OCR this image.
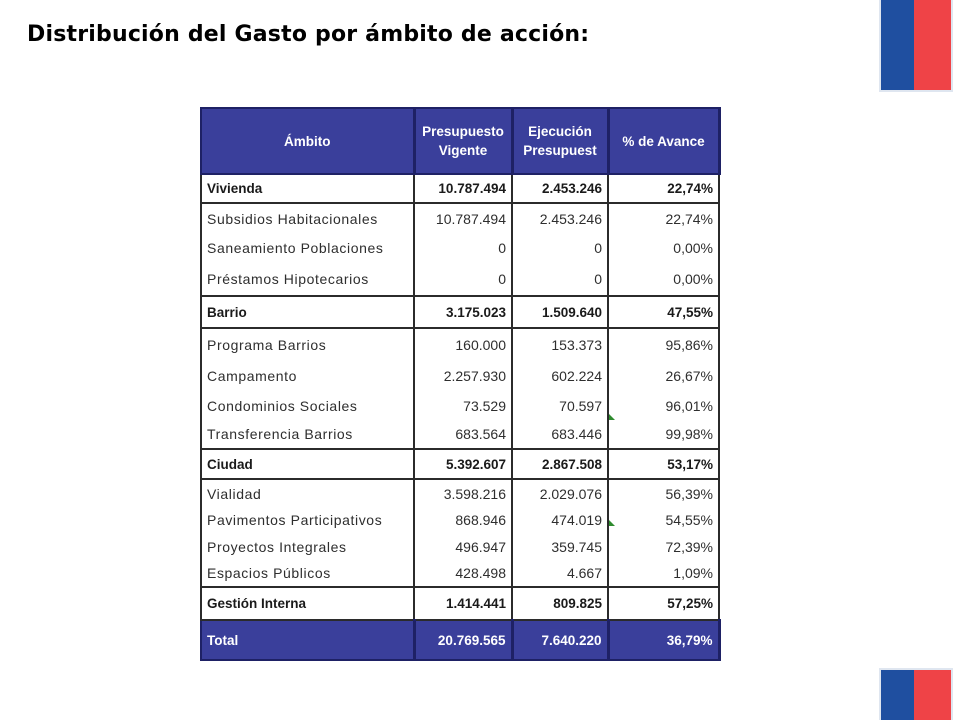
Distribución del Gasto por ámbito de acción:
Ámbito	Presupuesto Vigente	Ejecución Presupuest	% de Avance
Vivienda	10.787.494	2.453.246	22,74%
Subsidios Habitacionales	10.787.494	2.453.246	22,74%
Saneamiento Poblaciones	0	0	0,00%
Préstamos Hipotecarios	0	0	0,00%
Barrio	3.175.023	1.509.640	47,55%
Programa Barrios	160.000	153.373	95,86%
Campamento	2.257.930	602.224	26,67%
Condominios Sociales	73.529	70.597	96,01%
Transferencia Barrios	683.564	683.446	99,98%
Ciudad	5.392.607	2.867.508	53,17%
Vialidad	3.598.216	2.029.076	56,39%
Pavimentos Participativos	868.946	474.019	54,55%
Proyectos Integrales	496.947	359.745	72,39%
Espacios Públicos	428.498	4.667	1,09%
Gestión Interna	1.414.441	809.825	57,25%
Total	20.769.565	7.640.220	36,79%
